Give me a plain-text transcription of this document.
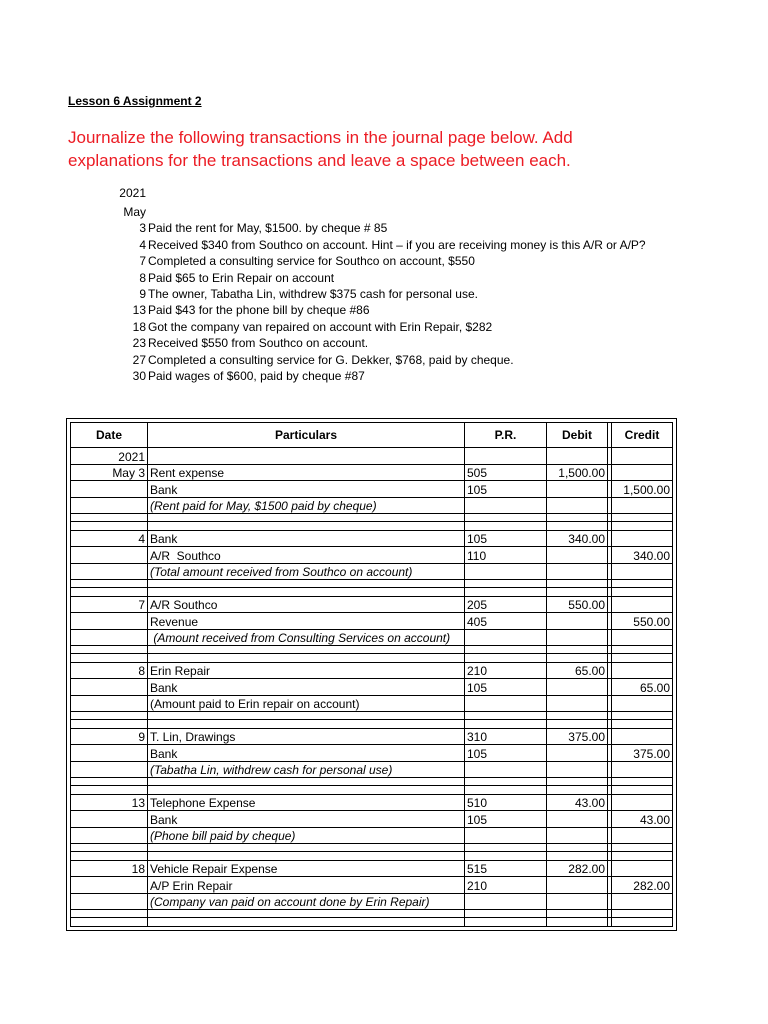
Lesson 6 Assignment 2
Journalize the following transactions in the journal page below. Add
explanations for the transactions and leave a space between each.
2021
May
3 Paid the rent for May, $1500. by cheque # 85
4 Received $340 from Southco on account. Hint – if you are receiving money is this A/R or A/P?
7 Completed a consulting service for Southco on account, $550
8 Paid $65 to Erin Repair on account
9 The owner, Tabatha Lin, withdrew $375 cash for personal use.
13 Paid $43 for the phone bill by cheque #86
18 Got the company van repaired on account with Erin Repair, $282
23 Received $550 from Southco on account.
27 Completed a consulting service for G. Dekker, $768, paid by cheque.
30 Paid wages of $600, paid by cheque #87
Date	Particulars	P.R.	Debit		Credit
2021					
May 3	Rent expense	505	1,500.00		
	Bank	105			1,500.00
	(Rent paid for May, $1500 paid by cheque)				

4	Bank	105	340.00		
	A/R  Southco	110			340.00
	(Total amount received from Southco on account)				

7	A/R Southco	205	550.00		
	Revenue	405			550.00
	(Amount received from Consulting Services on account)				

8	Erin Repair	210	65.00		
	Bank	105			65.00
	(Amount paid to Erin repair on account)				

9	T. Lin, Drawings	310	375.00		
	Bank	105			375.00
	(Tabatha Lin, withdrew cash for personal use)				

13	Telephone Expense	510	43.00		
	Bank	105			43.00
	(Phone bill paid by cheque)				

18	Vehicle Repair Expense	515	282.00		
	A/P Erin Repair	210			282.00
	(Company van paid on account done by Erin Repair)				
